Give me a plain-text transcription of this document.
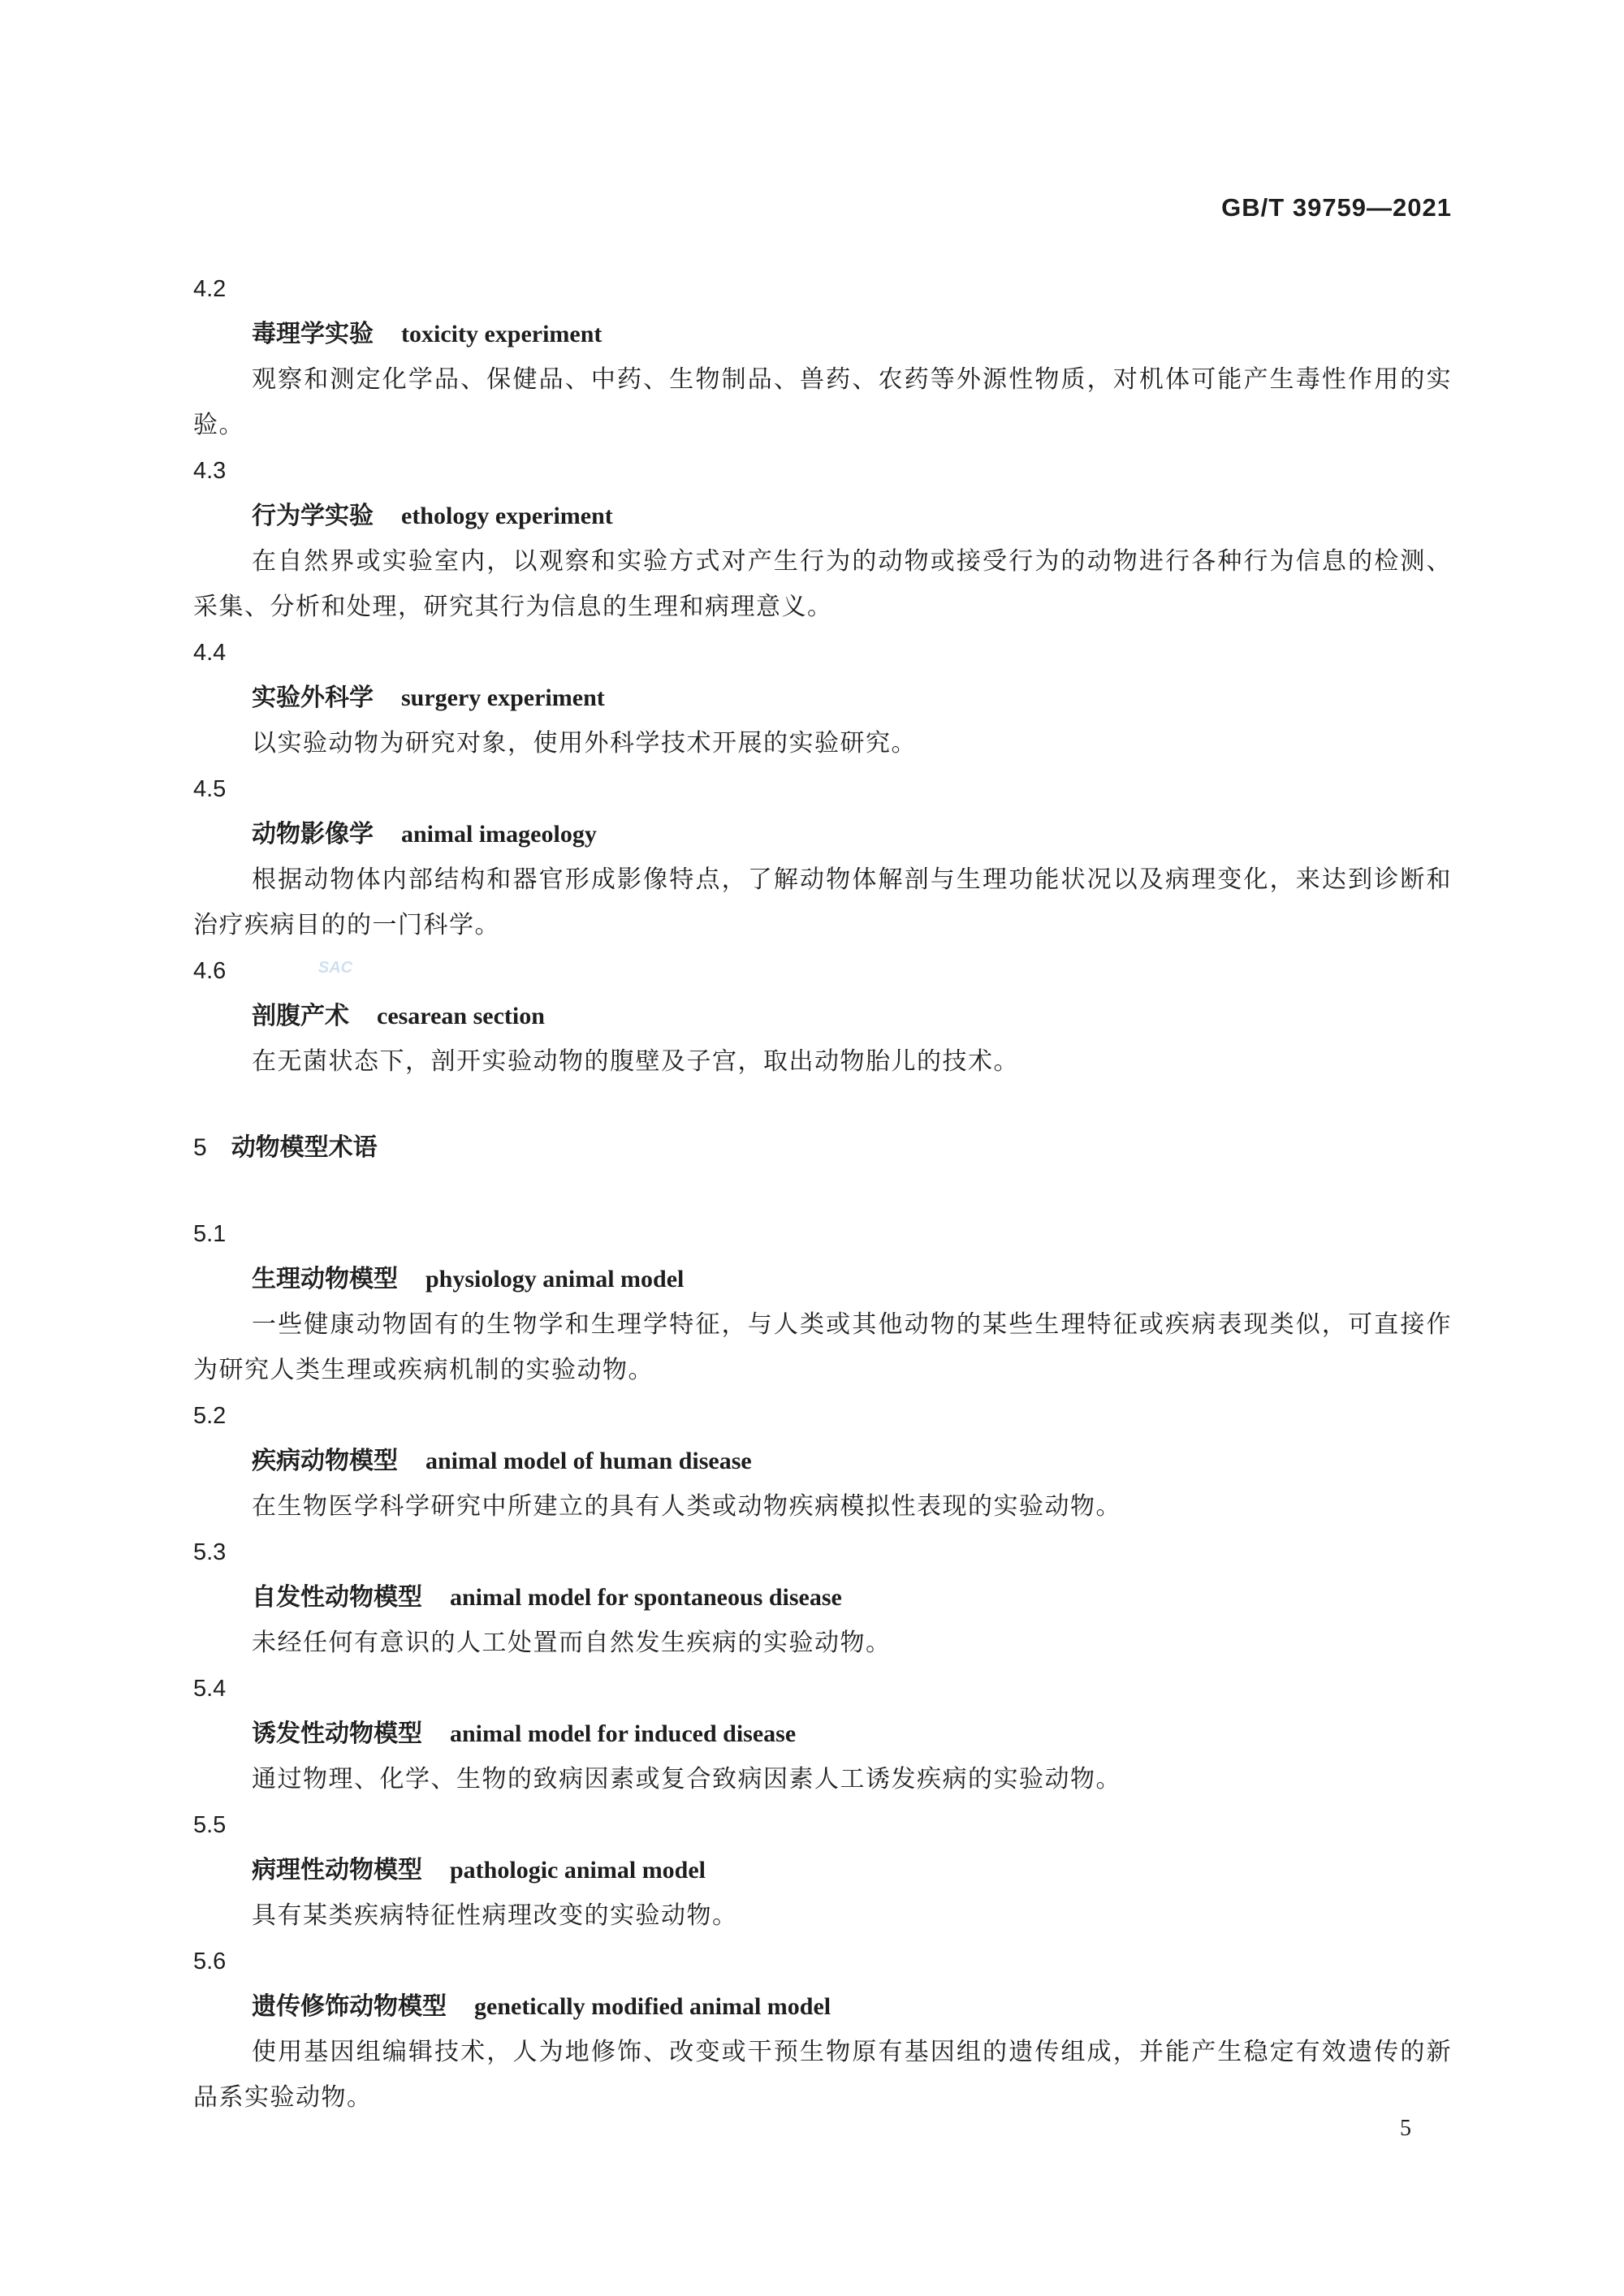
GB/T 39759—2021
4.2
毒理学实验 toxicity experiment

观察和测定化学品、保健品、中药、生物制品、兽药、农药等外源性物质，对机体可能产生毒性作用的实验。

4.3
行为学实验 ethology experiment

在自然界或实验室内，以观察和实验方式对产生行为的动物或接受行为的动物进行各种行为信息的检测、采集、分析和处理，研究其行为信息的生理和病理意义。

4.4
实验外科学 surgery experiment

以实验动物为研究对象，使用外科学技术开展的实验研究。

4.5
动物影像学 animal imageology

根据动物体内部结构和器官形成影像特点，了解动物体解剖与生理功能状况以及病理变化，来达到诊断和治疗疾病目的的一门科学。

4.6
剖腹产术 cesarean section

在无菌状态下，剖开实验动物的腹壁及子宫，取出动物胎儿的技术。

5 动物模型术语
5.1
生理动物模型 physiology animal model

一些健康动物固有的生物学和生理学特征，与人类或其他动物的某些生理特征或疾病表现类似，可直接作为研究人类生理或疾病机制的实验动物。

5.2
疾病动物模型 animal model of human disease

在生物医学科学研究中所建立的具有人类或动物疾病模拟性表现的实验动物。

5.3
自发性动物模型 animal model for spontaneous disease

未经任何有意识的人工处置而自然发生疾病的实验动物。

5.4
诱发性动物模型 animal model for induced disease

通过物理、化学、生物的致病因素或复合致病因素人工诱发疾病的实验动物。

5.5
病理性动物模型 pathologic animal model

具有某类疾病特征性病理改变的实验动物。

5.6
遗传修饰动物模型 genetically modified animal model

使用基因组编辑技术，人为地修饰、改变或干预生物原有基因组的遗传组成，并能产生稳定有效遗传的新品系实验动物。

SAC
5
